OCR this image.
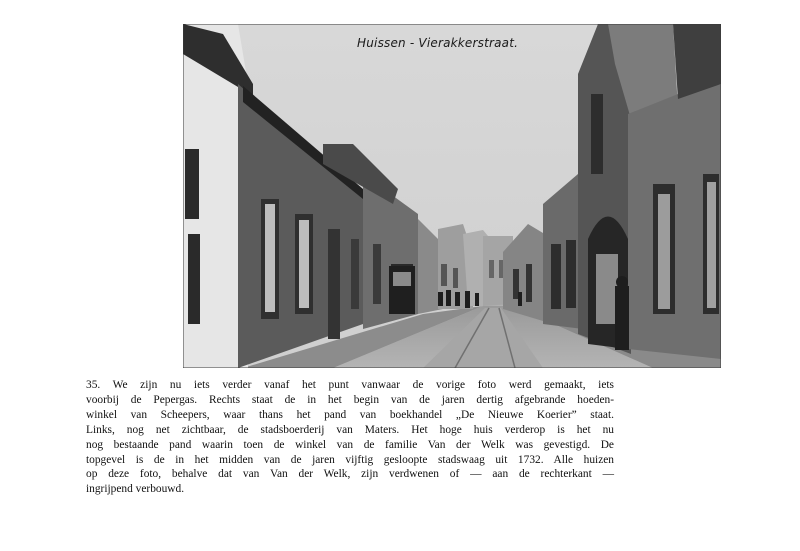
Huissen - Vierakkerstraat.
35. We zijn nu iets verder vanaf het punt vanwaar de vorige foto werd gemaakt, iets
voorbij de Pepergas. Rechts staat de in het begin van de jaren dertig afgebrande hoeden-
winkel van Scheepers, waar thans het pand van boekhandel „De Nieuwe Koerier” staat.
Links, nog net zichtbaar, de stadsboerderij van Maters. Het hoge huis verderop is het nu
nog bestaande pand waarin toen de winkel van de familie Van der Welk was gevestigd. De
topgevel is de in het midden van de jaren vijftig gesloopte stadswaag uit 1732. Alle huizen
op deze foto, behalve dat van Van der Welk, zijn verdwenen of — aan de rechterkant —
ingrijpend verbouwd.
